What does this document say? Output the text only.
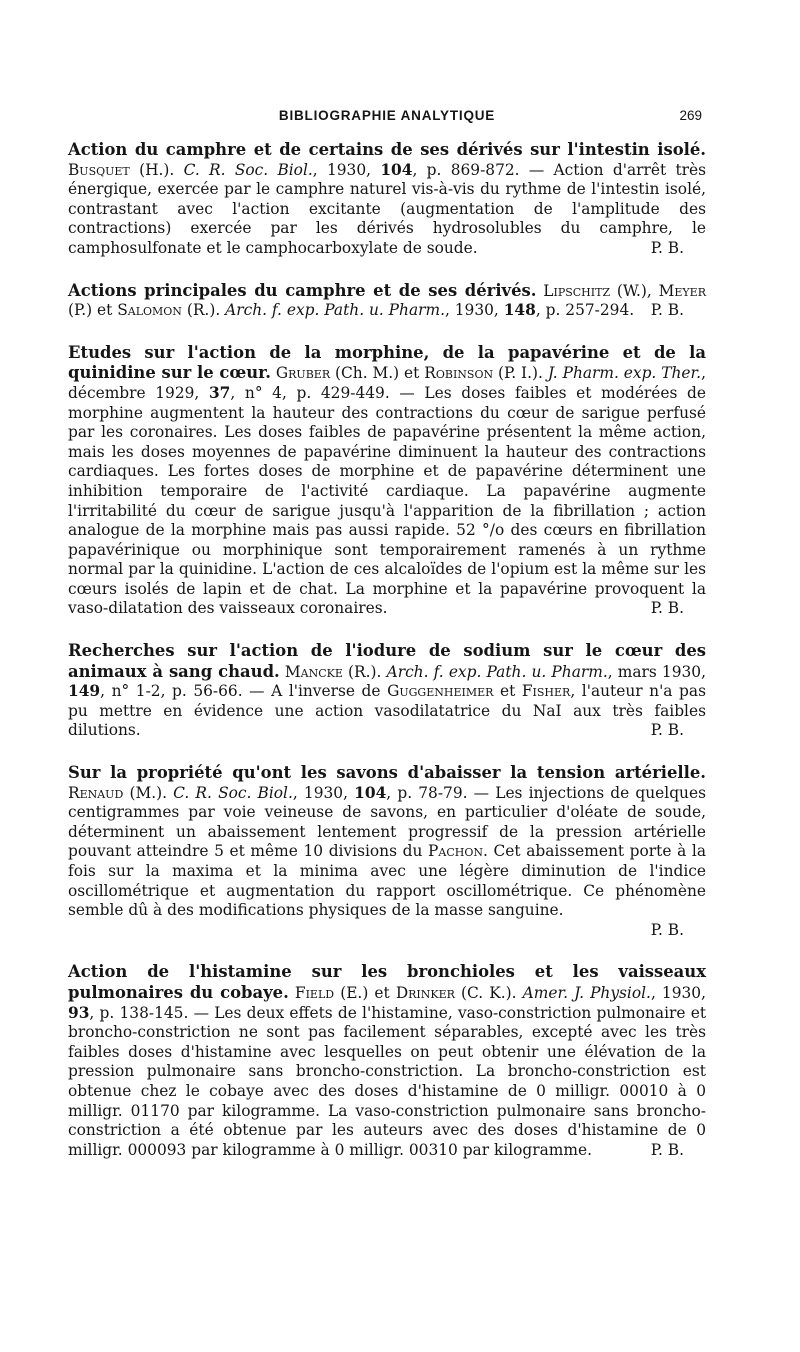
BIBLIOGRAPHIE ANALYTIQUE	269

Action du camphre et de certains de ses dérivés sur l'intestin isolé. Busquet (H.). C. R. Soc. Biol., 1930, 104, p. 869-872. — Action d'arrêt très énergique, exercée par le camphre naturel vis-à-vis du rythme de l'intestin isolé, contrastant avec l'action excitante (augmentation de l'amplitude des contractions) exercée par les dérivés hydrosolubles du camphre, le camphosulfonate et le camphocarboxylate de soude.	P. B.

Actions principales du camphre et de ses dérivés. Lipschitz (W.), Meyer (P.) et Salomon (R.). Arch. f. exp. Path. u. Pharm., 1930, 148, p. 257-294. P. B.

Etudes sur l'action de la morphine, de la papavérine et de la quinidine sur le cœur. Gruber (Ch. M.) et Robinson (P. I.). J. Pharm. exp. Ther., décembre 1929, 37, n° 4, p. 429-449. — Les doses faibles et modérées de morphine augmentent la hauteur des contractions du cœur de sarigue perfusé par les coronaires. Les doses faibles de papavérine présentent la même action, mais les doses moyennes de papavérine diminuent la hauteur des contractions cardiaques. Les fortes doses de morphine et de papavérine déterminent une inhibition temporaire de l'activité cardiaque. La papavérine augmente l'irritabilité du cœur de sarigue jusqu'à l'apparition de la fibrillation ; action analogue de la morphine mais pas aussi rapide. 52 °/o des cœurs en fibrillation papavérinique ou morphinique sont temporairement ramenés à un rythme normal par la quinidine. L'action de ces alcaloïdes de l'opium est la même sur les cœurs isolés de lapin et de chat. La morphine et la papavérine provoquent la vaso-dilatation des vaisseaux coronaires.	P. B.

Recherches sur l'action de l'iodure de sodium sur le cœur des animaux à sang chaud. Mancke (R.). Arch. f. exp. Path. u. Pharm., mars 1930, 149, n° 1-2, p. 56-66. — A l'inverse de Guggenheimer et Fisher, l'auteur n'a pas pu mettre en évidence une action vasodilatatrice du NaI aux très faibles dilutions.	P. B.

Sur la propriété qu'ont les savons d'abaisser la tension artérielle. Renaud (M.). C. R. Soc. Biol., 1930, 104, p. 78-79. — Les injections de quelques centigrammes par voie veineuse de savons, en particulier d'oléate de soude, déterminent un abaissement lentement progressif de la pression artérielle pouvant atteindre 5 et même 10 divisions du Pachon. Cet abaissement porte à la fois sur la maxima et la minima avec une légère diminution de l'indice oscillométrique et augmentation du rapport oscillométrique. Ce phénomène semble dû à des modifications physiques de la masse sanguine.

P. B.

Action de l'histamine sur les bronchioles et les vaisseaux pulmonaires du cobaye. Field (E.) et Drinker (C. K.). Amer. J. Physiol., 1930, 93, p. 138-145. — Les deux effets de l'histamine, vaso-constriction pulmonaire et broncho-constriction ne sont pas facilement séparables, excepté avec les très faibles doses d'histamine avec lesquelles on peut obtenir une élévation de la pression pulmonaire sans broncho-constriction. La broncho-constriction est obtenue chez le cobaye avec des doses d'histamine de 0 milligr. 00010 à 0 milligr. 01170 par kilogramme. La vaso-constriction pulmonaire sans broncho-constriction a été obtenue par les auteurs avec des doses d'histamine de 0 milligr. 000093 par kilogramme à 0 milligr. 00310 par kilogramme.	P. B.
